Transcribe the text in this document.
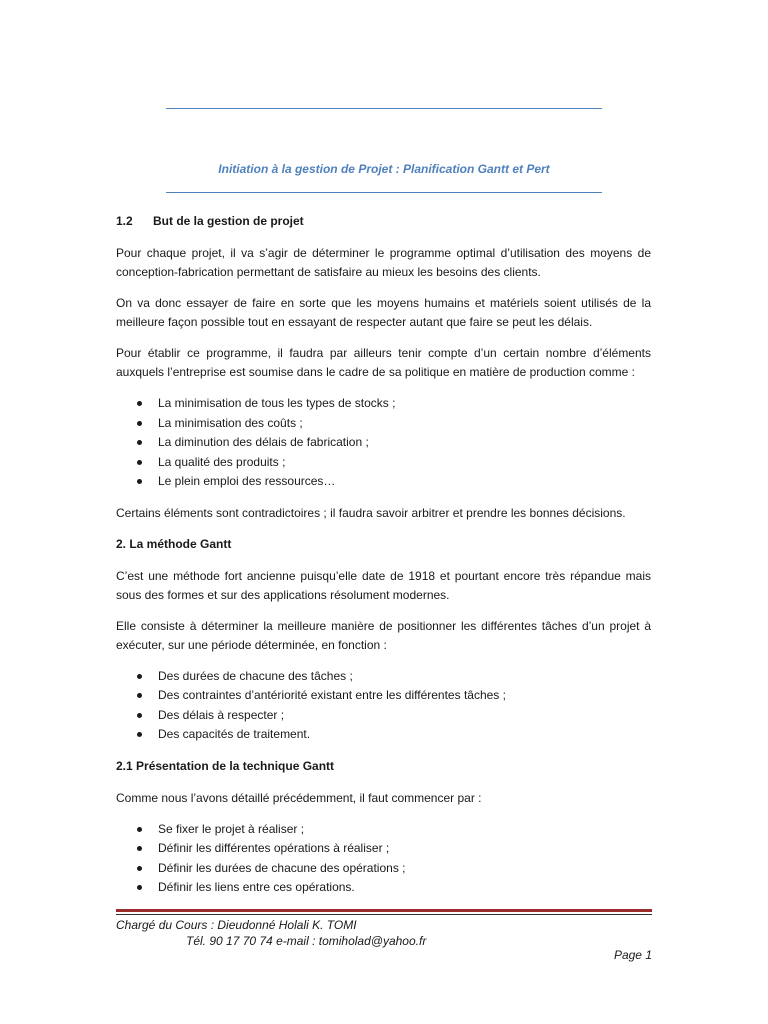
Initiation à la gestion de Projet : Planification Gantt et Pert
1.2 But de la gestion de projet

Pour chaque projet, il va s’agir de déterminer le programme optimal d’utilisation des moyens de conception-fabrication permettant de satisfaire au mieux les besoins des clients.

On va donc essayer de faire en sorte que les moyens humains et matériels soient utilisés de la meilleure façon possible tout en essayant de respecter autant que faire se peut les délais.

Pour établir ce programme, il faudra par ailleurs tenir compte d’un certain nombre d’éléments auxquels l’entreprise est soumise dans le cadre de sa politique en matière de production comme :

La minimisation de tous les types de stocks ;
La minimisation des coûts ;
La diminution des délais de fabrication ;
La qualité des produits ;
Le plein emploi des ressources…

Certains éléments sont contradictoires ; il faudra savoir arbitrer et prendre les bonnes décisions.

2. La méthode Gantt

C’est une méthode fort ancienne puisqu’elle date de 1918 et pourtant encore très répandue mais sous des formes et sur des applications résolument modernes.

Elle consiste à déterminer la meilleure manière de positionner les différentes tâches d’un projet à exécuter, sur une période déterminée, en fonction :

Des durées de chacune des tâches ;
Des contraintes d’antériorité existant entre les différentes tâches ;
Des délais à respecter ;
Des capacités de traitement.
2.1 Présentation de la technique Gantt

Comme nous l’avons détaillé précédemment, il faut commencer par :

Se fixer le projet à réaliser ;
Définir les différentes opérations à réaliser ;
Définir les durées de chacune des opérations ;
Définir les liens entre ces opérations.
Chargé du Cours : Dieudonné Holali K. TOMI
Tél. 90 17 70 74 e-mail : tomiholad@yahoo.fr
Page 1
